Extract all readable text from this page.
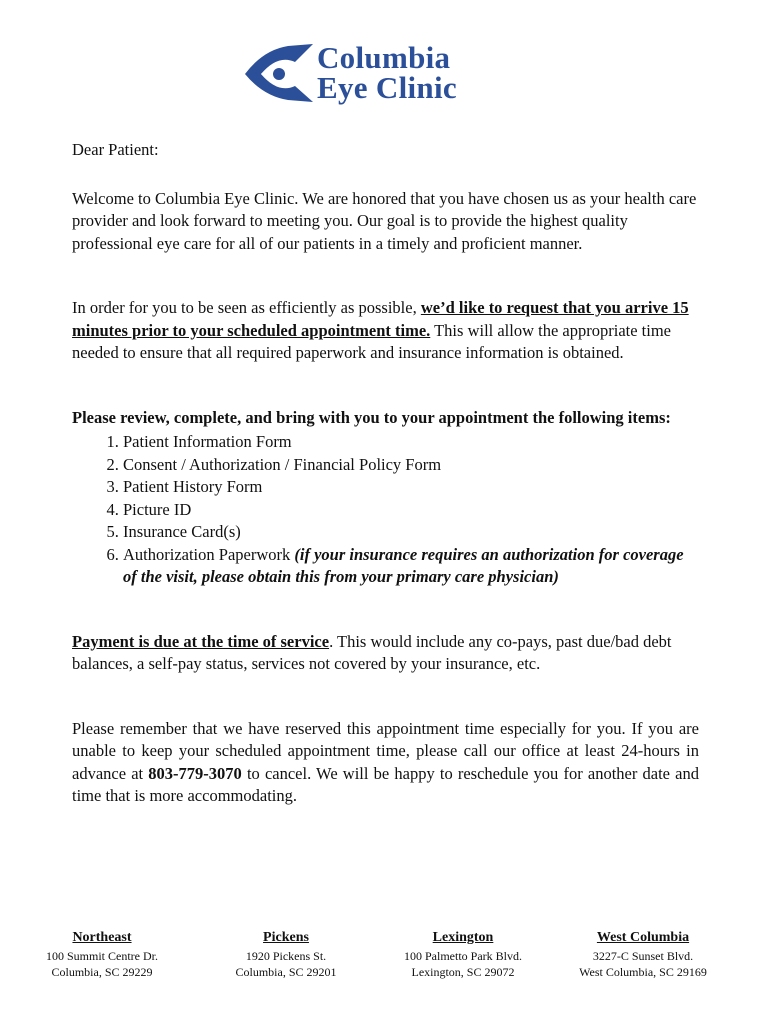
Columbia
Eye Clinic

Dear Patient:

Welcome to Columbia Eye Clinic. We are honored that you have chosen us as your health care provider and look forward to meeting you. Our goal is to provide the highest quality professional eye care for all of our patients in a timely and proficient manner.

In order for you to be seen as efficiently as possible, we’d like to request that you arrive 15 minutes prior to your scheduled appointment time. This will allow the appropriate time needed to ensure that all required paperwork and insurance information is obtained.

Please review, complete, and bring with you to your appointment the following items:

1. Patient Information Form
2. Consent / Authorization / Financial Policy Form
3. Patient History Form
4. Picture ID
5. Insurance Card(s)
6. Authorization Paperwork (if your insurance requires an authorization for coverage of the visit, please obtain this from your primary care physician)

Payment is due at the time of service. This would include any co-pays, past due/bad debt balances, a self-pay status, services not covered by your insurance, etc.

Please remember that we have reserved this appointment time especially for you. If you are unable to keep your scheduled appointment time, please call our office at least 24-hours in advance at 803-779-3070 to cancel. We will be happy to reschedule you for another date and time that is more accommodating.

Northeast
100 Summit Centre Dr.
Columbia, SC 29229
Pickens
1920 Pickens St.
Columbia, SC 29201
Lexington
100 Palmetto Park Blvd.
Lexington, SC 29072
West Columbia
3227-C Sunset Blvd.
West Columbia, SC 29169
